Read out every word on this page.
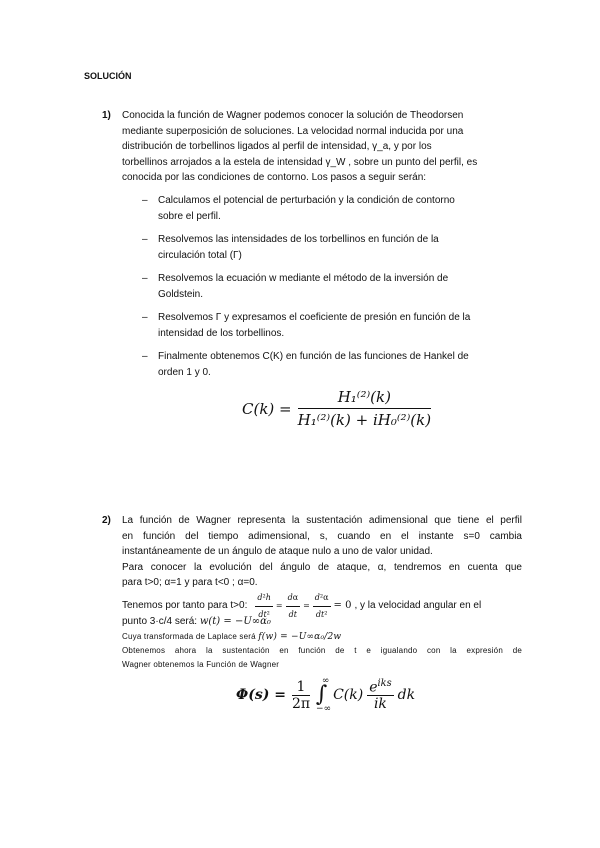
SOLUCIÓN
1) Conocida la función de Wagner podemos conocer la solución de Theodorsen
mediante superposición de soluciones. La velocidad normal inducida por una
distribución de torbellinos ligados al perfil de intensidad, γ_a, y por los
torbellinos arrojados a la estela de intensidad γ_W , sobre un punto del perfil, es
conocida por las condiciones de contorno. Los pasos a seguir serán:
– Calculamos el potencial de perturbación y la condición de contorno
sobre el perfil.
– Resolvemos las intensidades de los torbellinos en función de la
circulación total (Γ)
– Resolvemos la ecuación w mediante el método de la inversión de
Goldstein.
– Resolvemos Γ y expresamos el coeficiente de presión en función de la
intensidad de los torbellinos.
– Finalmente obtenemos C(K) en función de las funciones de Hankel de
orden 1 y 0.
$C(k) = \frac{\text{H₁⁽²⁾(k)}}{\text{H₁⁽²⁾(k) + iH₀⁽²⁾(k)}}$
2) La función de Wagner representa la sustentación adimensional que tiene el perfil
en función del tiempo adimensional, s, cuando en el instante s=0 cambia
instantáneamente de un ángulo de ataque nulo a uno de valor unidad.
Para conocer la evolución del ángulo de ataque, α, tendremos en cuenta que
para t>0; α=1 y para t<0 ; α=0.
Tenemos por tanto para t>0: $\frac{\text{d²h}}{\text{dt²}} = \frac{d\alpha}{dt} = \frac{\text{d²α}}{\text{dt²}} = 0$ , y la velocidad angular en el
punto 3·c/4 será: w(t) = −U∞α₀
Cuya transformada de Laplace será f(w) = −U∞α₀/2w
Obtenemos ahora la sustentación en función de t e igualando con la expresión de
Wagner obtenemos la Función de Wagner
$\Phi(s) = \frac{1}{2\pi}$ ∞
∫
−∞
$C(k) \frac{e^{iks}}{ik}$ dk
